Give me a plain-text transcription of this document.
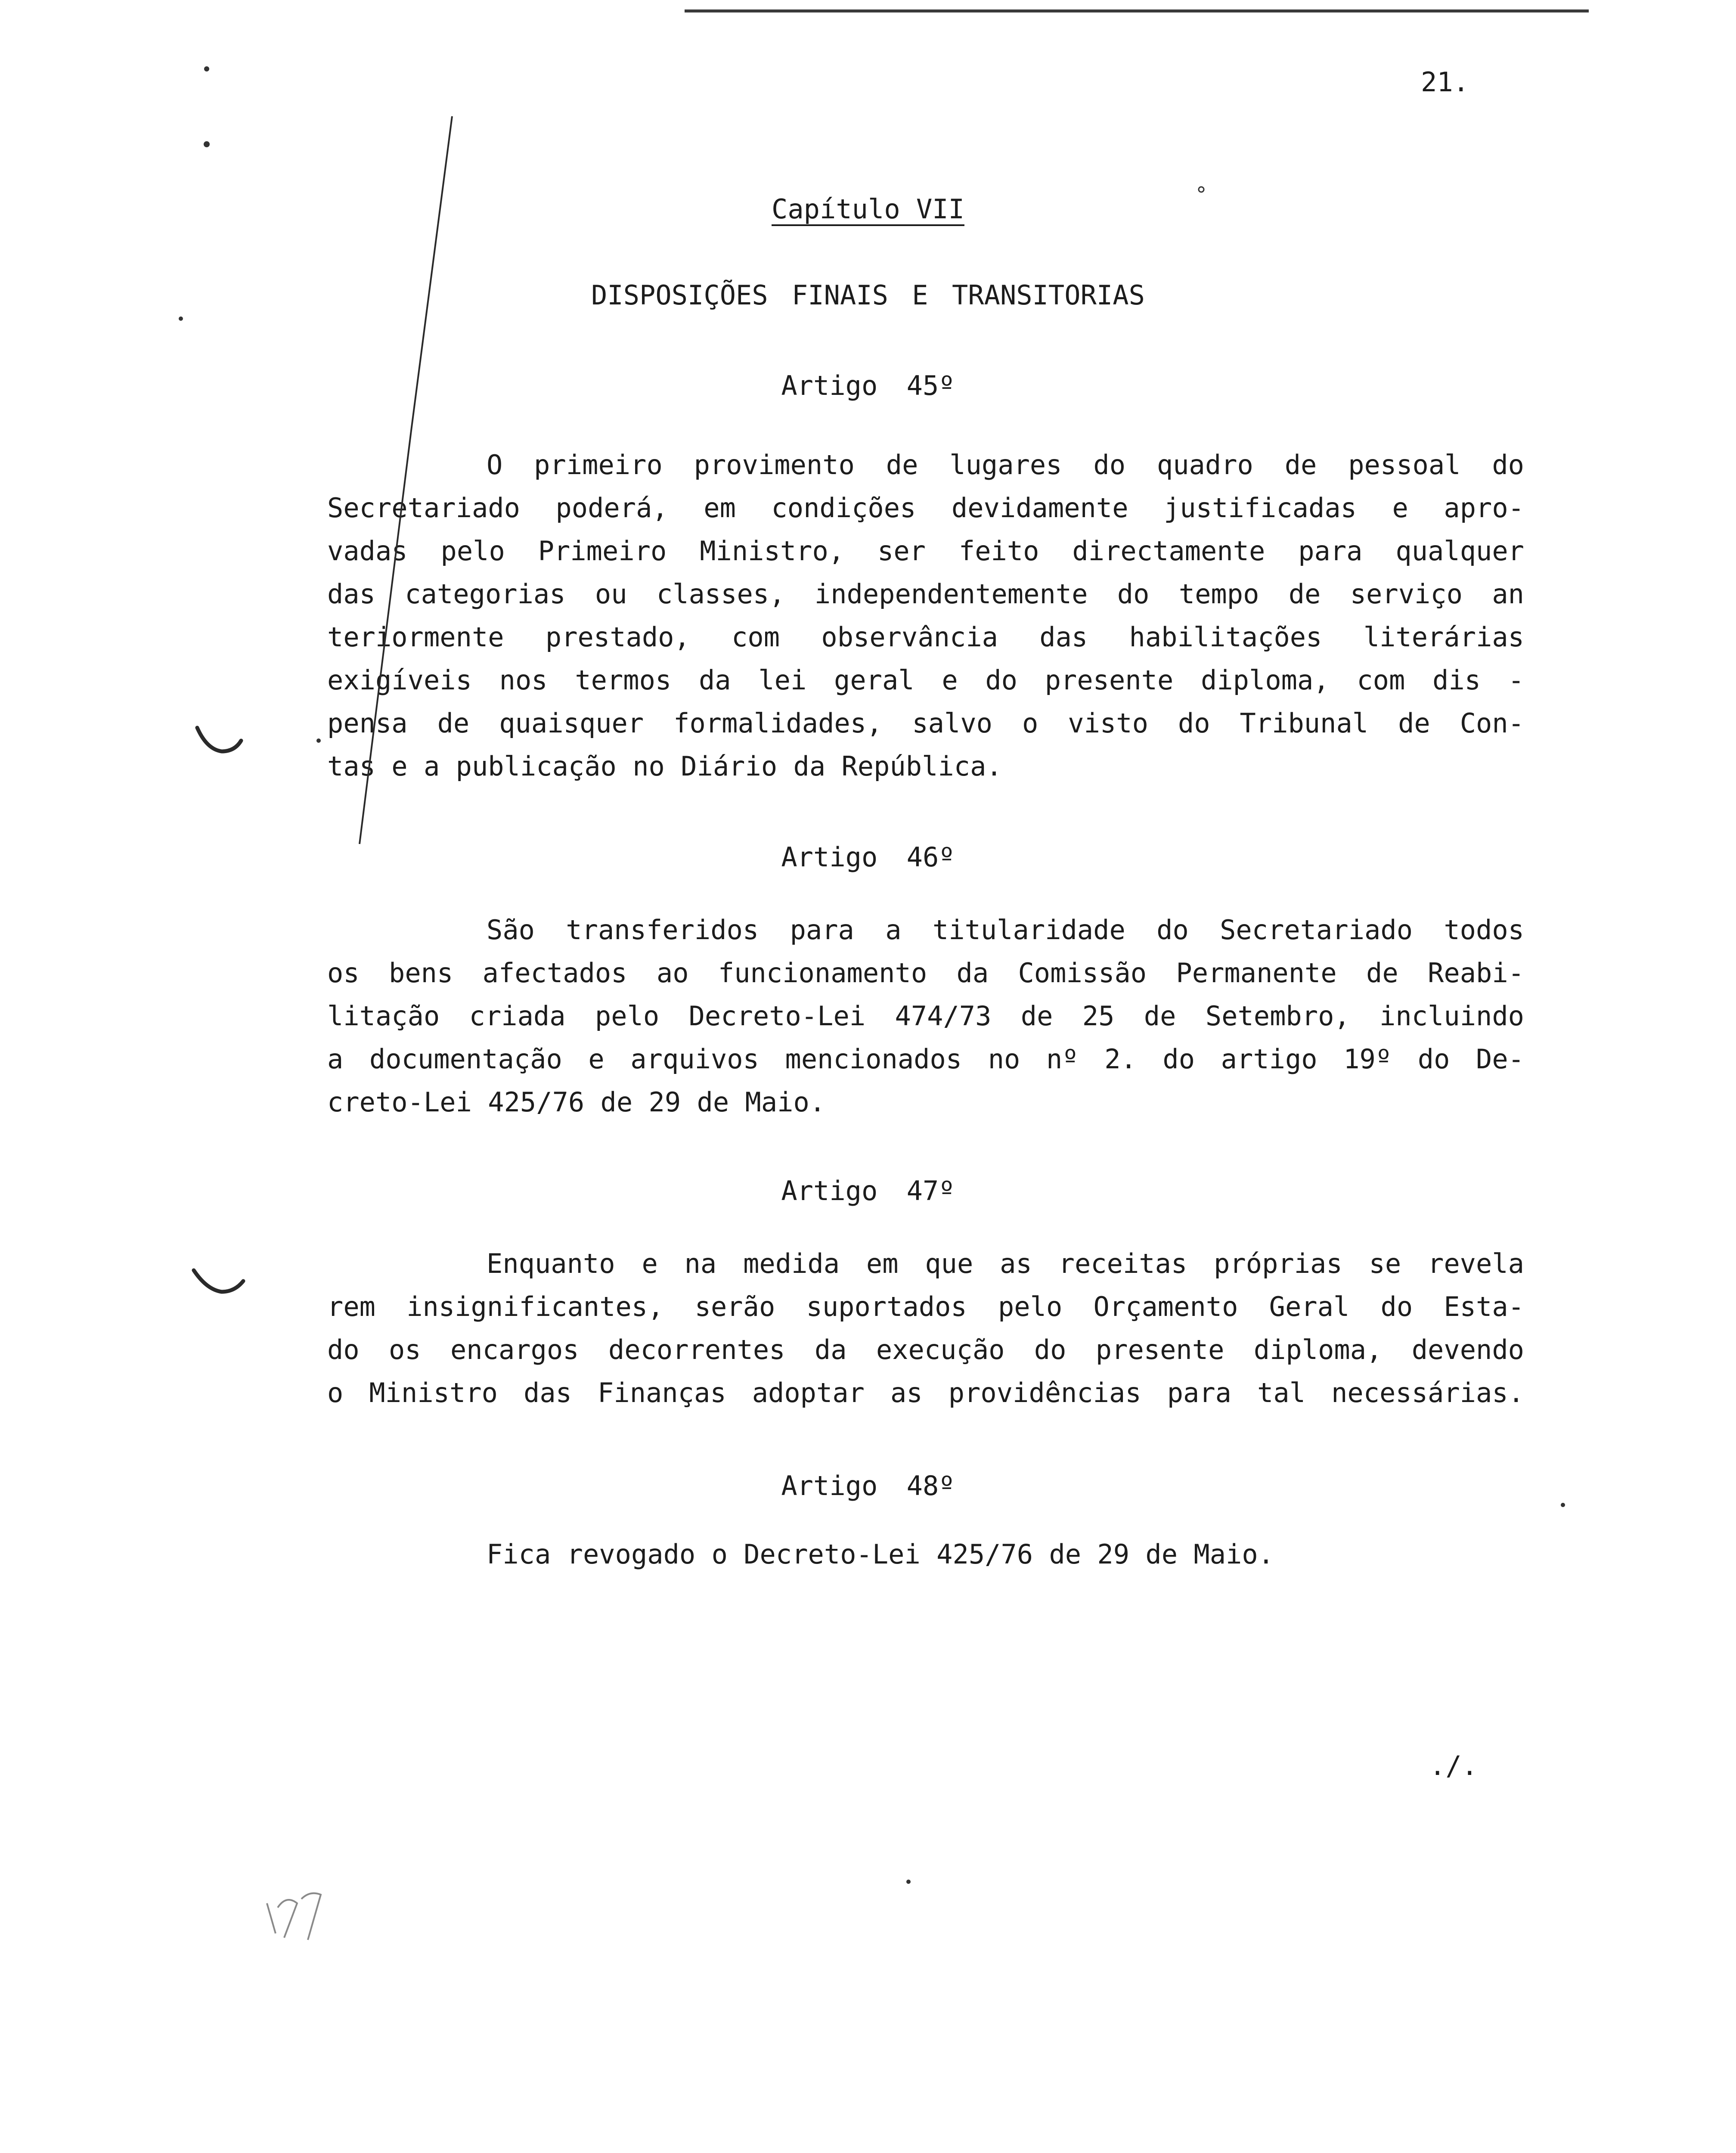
21.
Capítulo VII
DISPOSIÇÕES FINAIS E TRANSITORIAS
Artigo 45º
O primeiro provimento de lugares do quadro de pessoal do
Secretariado poderá, em condições devidamente justificadas e apro-
vadas pelo Primeiro Ministro, ser feito directamente para qualquer
das categorias ou classes, independentemente do tempo de serviço an
teriormente prestado, com observância das habilitações literárias
exigíveis nos termos da lei geral e do presente diploma, com dis -
pensa de quaisquer formalidades, salvo o visto do Tribunal de Con-
tas e a publicação no Diário da República.
Artigo 46º
São transferidos para a titularidade do Secretariado todos
os bens afectados ao funcionamento da Comissão Permanente de Reabi-
litação criada pelo Decreto-Lei 474/73 de 25 de Setembro, incluindo
a documentação e arquivos mencionados no nº 2. do artigo 19º do De-
creto-Lei 425/76 de 29 de Maio.
Artigo 47º
Enquanto e na medida em que as receitas próprias se revela
rem insignificantes, serão suportados pelo Orçamento Geral do Esta-
do os encargos decorrentes da execução do presente diploma, devendo
o Ministro das Finanças adoptar as providências para tal necessárias.
Artigo 48º
Fica revogado o Decreto-Lei 425/76 de 29 de Maio.
./.
